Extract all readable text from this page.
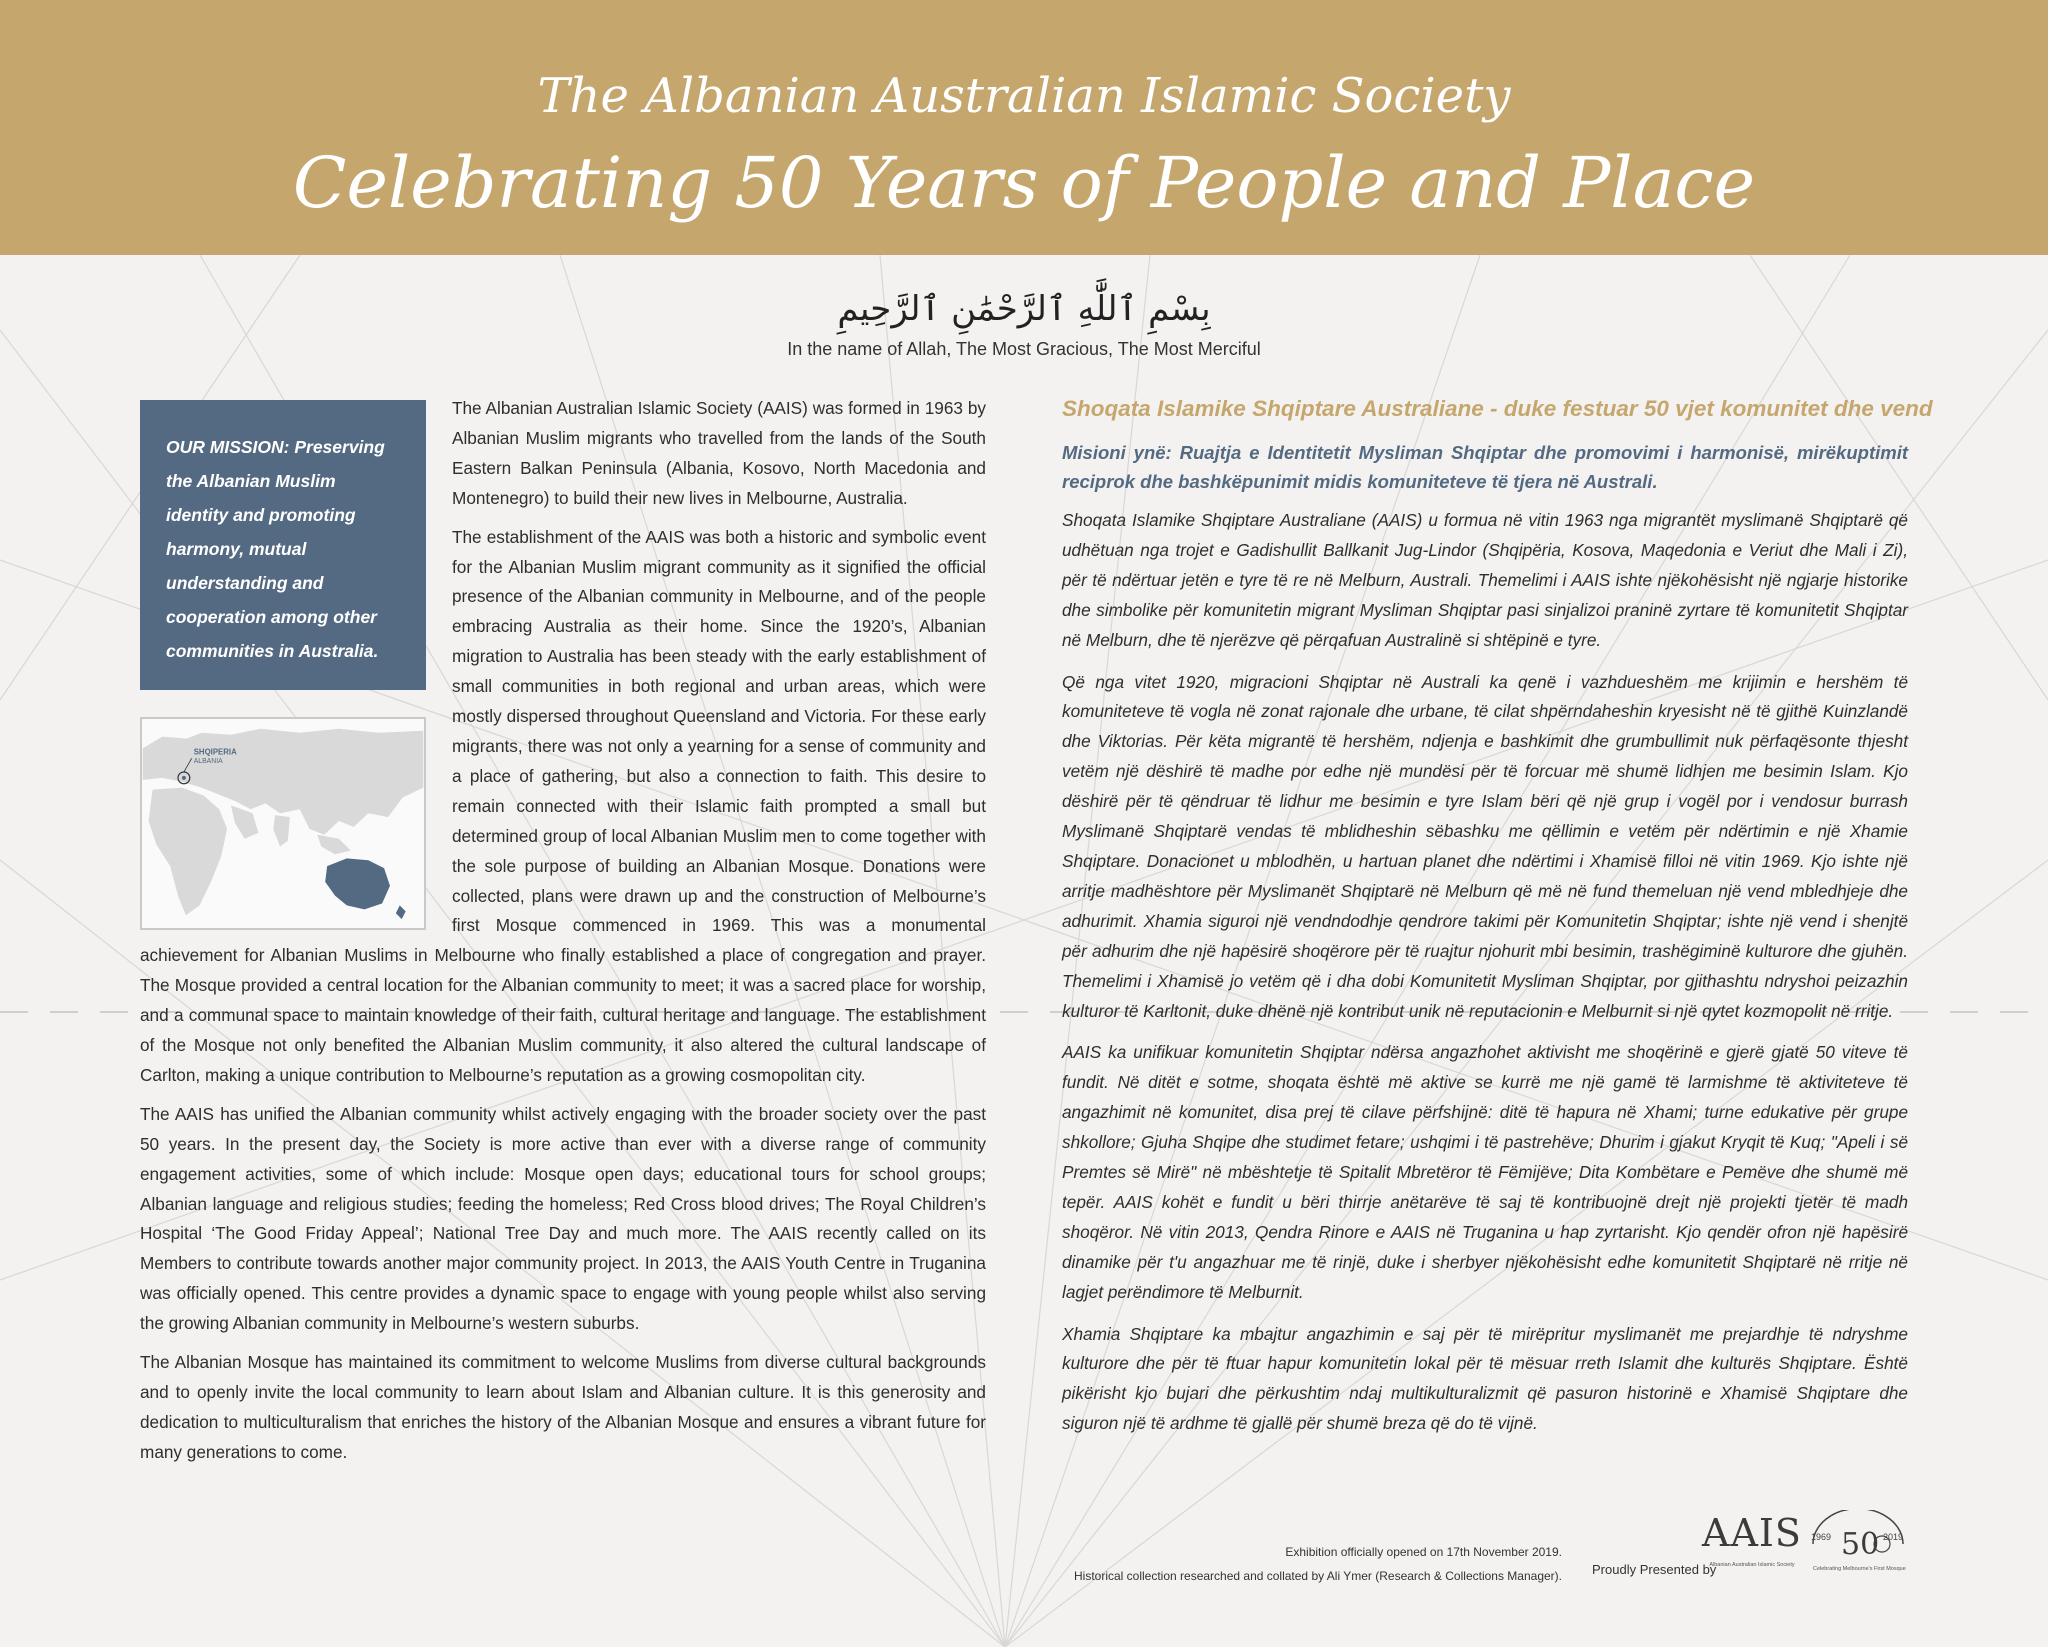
The Albanian Australian Islamic Society
Celebrating 50 Years of People and Place
بِسْمِ ٱللَّٰهِ ٱلرَّحْمَٰنِ ٱلرَّحِيمِ
In the name of Allah, The Most Gracious, The Most Merciful
OUR MISSION: Preserving the Albanian Muslim identity and promoting harmony, mutual understanding and cooperation among other communities in Australia.
SHQIPERIA
ALBANIA

The Albanian Australian Islamic Society (AAIS) was formed in 1963 by Albanian Muslim migrants who travelled from the lands of the South Eastern Balkan Peninsula (Albania, Kosovo, North Macedonia and Montenegro) to build their new lives in Melbourne, Australia.

The establishment of the AAIS was both a historic and symbolic event for the Albanian Muslim migrant community as it signified the official presence of the Albanian community in Melbourne, and of the people embracing Australia as their home. Since the 1920’s, Albanian migration to Australia has been steady with the early establishment of small communities in both regional and urban areas, which were mostly dispersed throughout Queensland and Victoria. For these early migrants, there was not only a yearning for a sense of community and a place of gathering, but also a connection to faith. This desire to remain connected with their Islamic faith prompted a small but determined group of local Albanian Muslim men to come together with the sole purpose of building an Albanian Mosque. Donations were collected, plans were drawn up and the construction of Melbourne’s first Mosque commenced in 1969. This was a monumental achievement for Albanian Muslims in Melbourne who finally established a place of congregation and prayer. The Mosque provided a central location for the Albanian community to meet; it was a sacred place for worship, and a communal space to maintain knowledge of their faith, cultural heritage and language. The establishment of the Mosque not only benefited the Albanian Muslim community, it also altered the cultural landscape of Carlton, making a unique contribution to Melbourne’s reputation as a growing cosmopolitan city.

The AAIS has unified the Albanian community whilst actively engaging with the broader society over the past 50 years. In the present day, the Society is more active than ever with a diverse range of community engagement activities, some of which include: Mosque open days; educational tours for school groups; Albanian language and religious studies; feeding the homeless; Red Cross blood drives; The Royal Children’s Hospital ‘The Good Friday Appeal’; National Tree Day and much more. The AAIS recently called on its Members to contribute towards another major community project. In 2013, the AAIS Youth Centre in Truganina was officially opened. This centre provides a dynamic space to engage with young people whilst also serving the growing Albanian community in Melbourne’s western suburbs.

The Albanian Mosque has maintained its commitment to welcome Muslims from diverse cultural backgrounds and to openly invite the local community to learn about Islam and Albanian culture. It is this generosity and dedication to multiculturalism that enriches the history of the Albanian Mosque and ensures a vibrant future for many generations to come.

Shoqata Islamike Shqiptare Australiane - duke festuar 50 vjet komunitet dhe vend
Misioni ynë: Ruajtja e Identitetit Mysliman Shqiptar dhe promovimi i harmonisë, mirëkuptimit reciprok dhe bashkëpunimit midis komuniteteve të tjera në Australi.

Shoqata Islamike Shqiptare Australiane (AAIS) u formua në vitin 1963 nga migrantët myslimanë Shqiptarë që udhëtuan nga trojet e Gadishullit Ballkanit Jug-Lindor (Shqipëria, Kosova, Maqedonia e Veriut dhe Mali i Zi), për të ndërtuar jetën e tyre të re në Melburn, Australi. Themelimi i AAIS ishte njëkohësisht një ngjarje historike dhe simbolike për komunitetin migrant Mysliman Shqiptar pasi sinjalizoi praninë zyrtare të komunitetit Shqiptar në Melburn, dhe të njerëzve që përqafuan Australinë si shtëpinë e tyre.

Që nga vitet 1920, migracioni Shqiptar në Australi ka qenë i vazhdueshëm me krijimin e hershëm të komuniteteve të vogla në zonat rajonale dhe urbane, të cilat shpërndaheshin kryesisht në të gjithë Kuinzlandë dhe Viktorias. Për këta migrantë të hershëm, ndjenja e bashkimit dhe grumbullimit nuk përfaqësonte thjesht vetëm një dëshirë të madhe por edhe një mundësi për të forcuar më shumë lidhjen me besimin Islam. Kjo dëshirë për të qëndruar të lidhur me besimin e tyre Islam bëri që një grup i vogël por i vendosur burrash Myslimanë Shqiptarë vendas të mblidheshin sëbashku me qëllimin e vetëm për ndërtimin e një Xhamie Shqiptare. Donacionet u mblodhën, u hartuan planet dhe ndërtimi i Xhamisë filloi në vitin 1969. Kjo ishte një arritje madhështore për Myslimanët Shqiptarë në Melburn që më në fund themeluan një vend mbledhjeje dhe adhurimit. Xhamia siguroi një vendndodhje qendrore takimi për Komunitetin Shqiptar; ishte një vend i shenjtë për adhurim dhe një hapësirë shoqërore për të ruajtur njohurit mbi besimin, trashëgiminë kulturore dhe gjuhën. Themelimi i Xhamisë jo vetëm që i dha dobi Komunitetit Mysliman Shqiptar, por gjithashtu ndryshoi peizazhin kulturor të Karltonit, duke dhënë një kontribut unik në reputacionin e Melburnit si një qytet kozmopolit në rritje.

AAIS ka unifikuar komunitetin Shqiptar ndërsa angazhohet aktivisht me shoqërinë e gjerë gjatë 50 viteve të fundit. Në ditët e sotme, shoqata është më aktive se kurrë me një gamë të larmishme të aktiviteteve të angazhimit në komunitet, disa prej të cilave përfshijnë: ditë të hapura në Xhami; turne edukative për grupe shkollore; Gjuha Shqipe dhe studimet fetare; ushqimi i të pastrehëve; Dhurim i gjakut Kryqit të Kuq; "Apeli i së Premtes së Mirë" në mbështetje të Spitalit Mbretëror të Fëmijëve; Dita Kombëtare e Pemëve dhe shumë më tepër. AAIS kohët e fundit u bëri thirrje anëtarëve të saj të kontribuojnë drejt një projekti tjetër të madh shoqëror. Në vitin 2013, Qendra Rinore e AAIS në Truganina u hap zyrtarisht. Kjo qendër ofron një hapësirë dinamike për t'u angazhuar me të rinjë, duke i sherbyer njëkohësisht edhe komunitetit Shqiptarë në rritje në lagjet perëndimore të Melburnit.

Xhamia Shqiptare ka mbajtur angazhimin e saj për të mirëpritur myslimanët me prejardhje të ndryshme kulturore dhe për të ftuar hapur komunitetin lokal për të mësuar rreth Islamit dhe kulturës Shqiptare. Është pikërisht kjo bujari dhe përkushtim ndaj multikulturalizmit që pasuron historinë e Xhamisë Shqiptare dhe siguron një të ardhme të gjallë për shumë breza që do të vijnë.

Exhibition officially opened on 17th November 2019.
Historical collection researched and collated by Ali Ymer (Research & Collections Manager). Proudly Presented by
AAIS
Albanian Australian Islamic Society
1969	2019
50
Celebrating Melbourne's First Mosque
